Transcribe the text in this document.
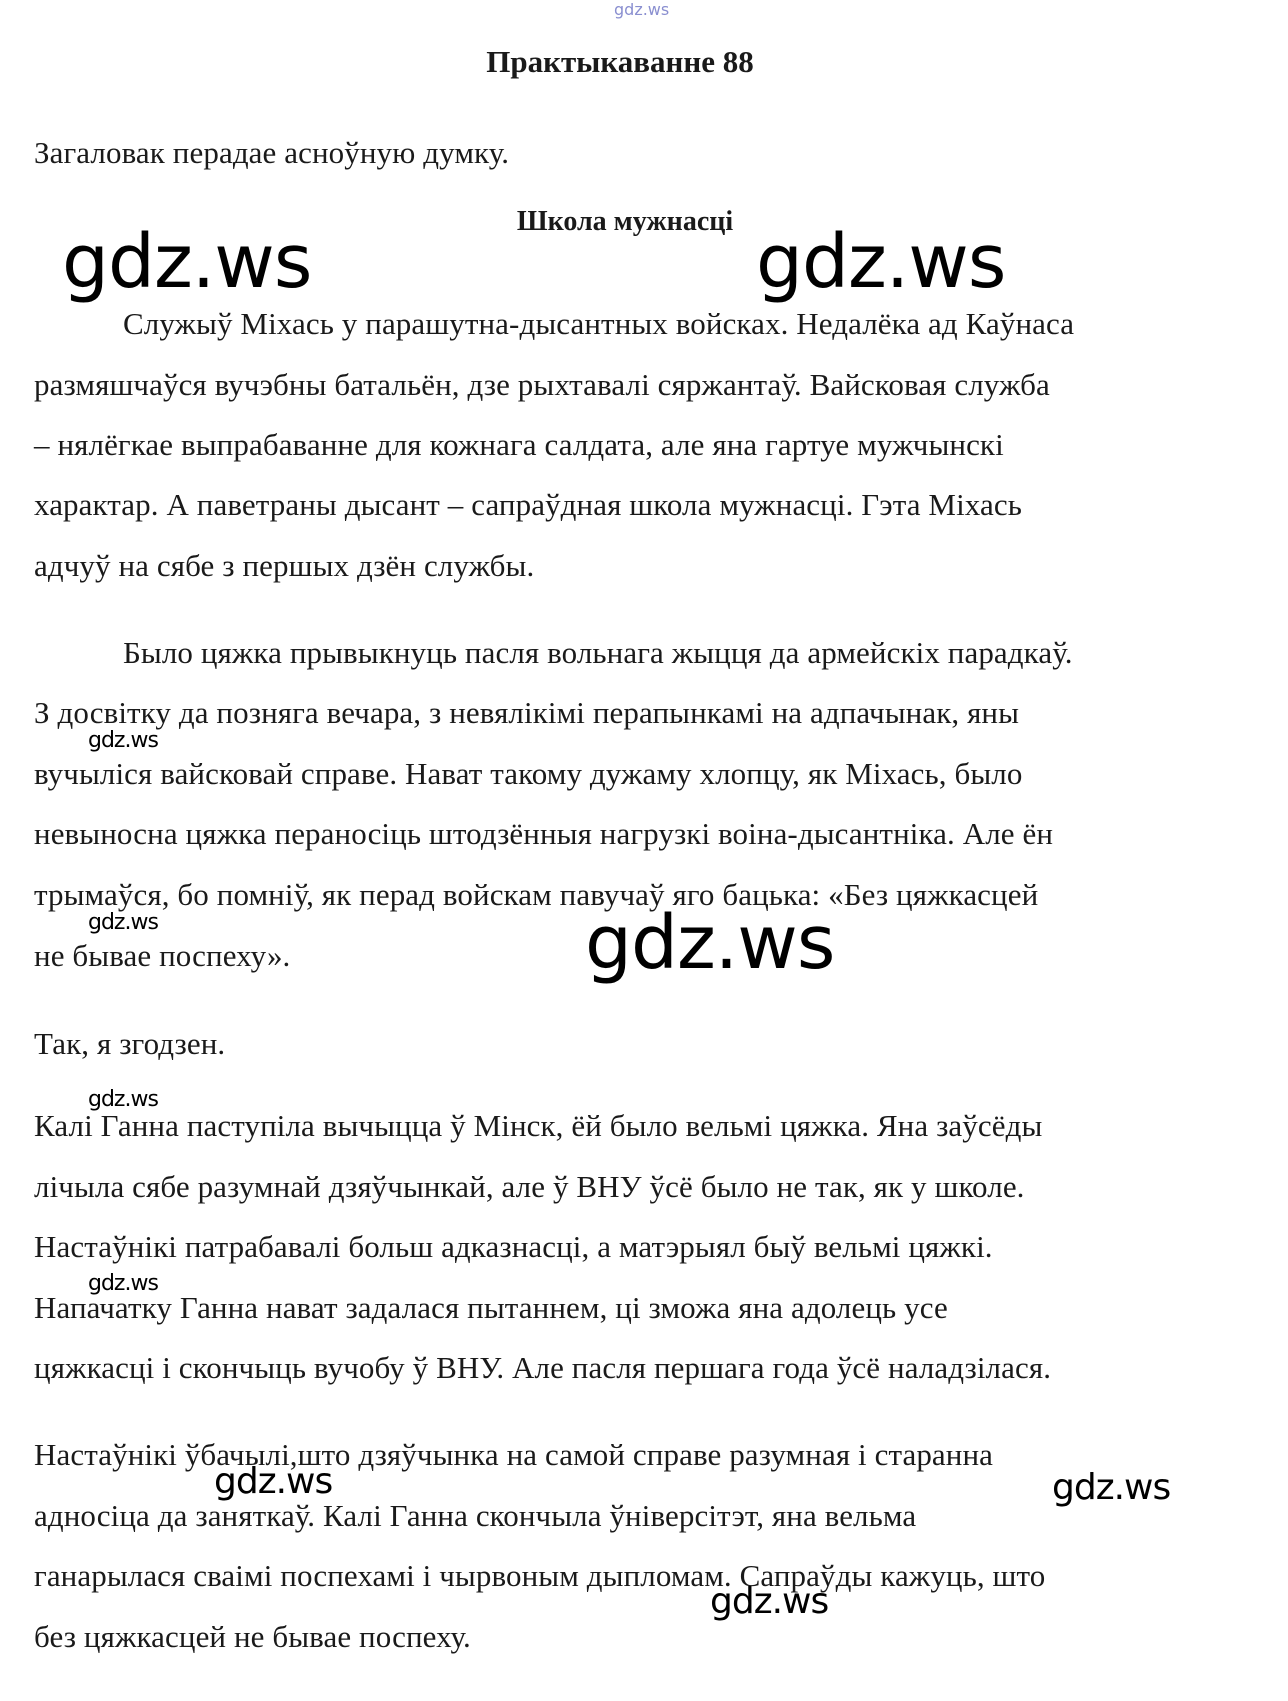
gdz.ws
Практыкаванне 88
Загаловак перадае асноўную думку.
Школа мужнасці
Служыў Міхась у парашутна-дысантных войсках. Недалёка ад Каўнаса
размяшчаўся вучэбны батальён, дзе рыхтавалі сяржантаў. Вайсковая служба
– нялёгкае выпрабаванне для кожнага салдата, але яна гартуе мужчынскі
характар. А паветраны дысант – сапраўдная школа мужнасці. Гэта Міхась
адчуў на сябе з першых дзён службы.
Было цяжка прывыкнуць пасля вольнага жыцця да армейскіх парадкаў.
З досвітку да позняга вечара, з невялікімі перапынкамі на адпачынак, яны
вучыліся вайсковай справе. Нават такому дужаму хлопцу, як Міхась, было
невыносна цяжка пераносіць штодзённыя нагрузкі воіна-дысантніка. Але ён
трымаўся, бо помніў, як перад войскам павучаў яго бацька: «Без цяжкасцей
не бывае поспеху».
Так, я згодзен.
Калі Ганна паступіла вычыцца ў Мінск, ёй было вельмі цяжка. Яна заўсёды
лічыла сябе разумнай дзяўчынкай, але ў ВНУ ўсё было не так, як у школе.
Настаўнікі патрабавалі больш адказнасці, а матэрыял быў вельмі цяжкі.
Напачатку Ганна нават задалася пытаннем, ці зможа яна адолець усе
цяжкасці і скончыць вучобу ў ВНУ. Але пасля першага года ўсё наладзілася.
Настаўнікі ўбачылі,што дзяўчынка на самой справе разумная і старанна
адносіца да заняткаў. Калі Ганна скончыла ўніверсітэт, яна вельма
ганарылася сваімі поспехамі і чырвоным дыпломам. Сапраўды кажуць, што
без цяжкасцей не бывае поспеху.
gdz.ws	gdz.ws
gdz.ws
gdz.ws	gdz.ws
gdz.ws
gdz.ws
gdz.ws	gdz.ws
gdz.ws
